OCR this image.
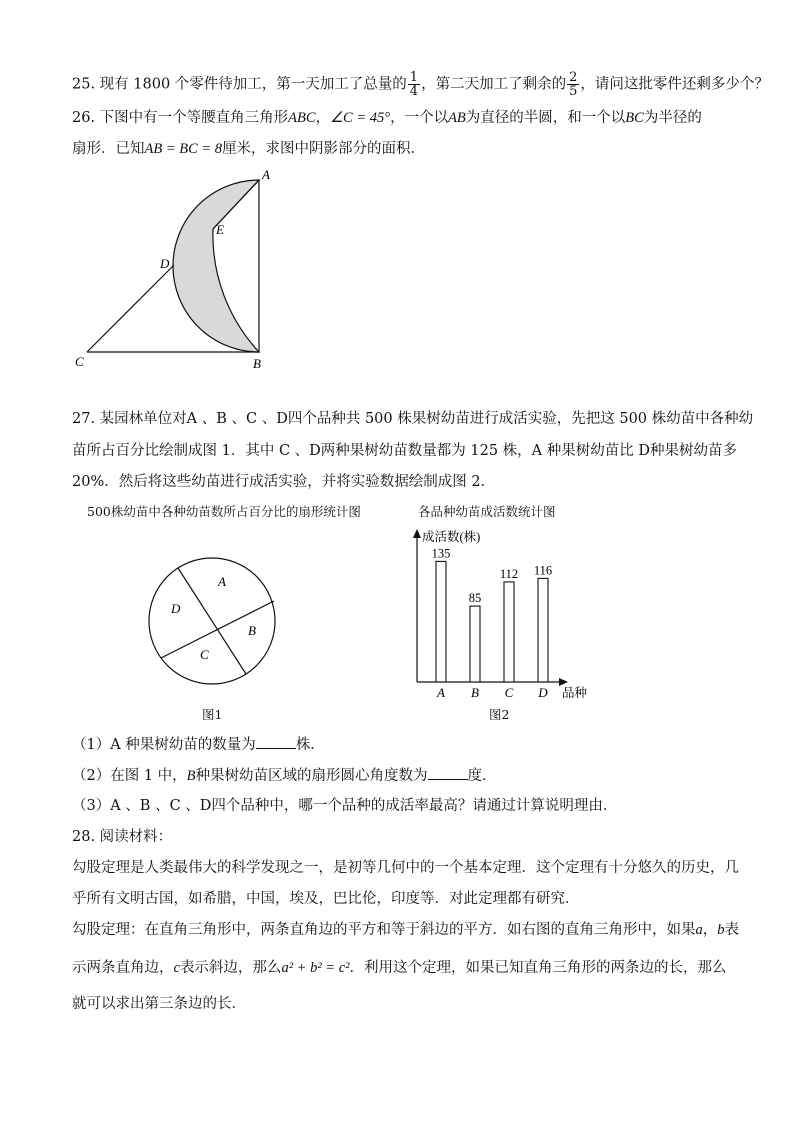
25. 现有 1800 个零件待加工，第一天加工了总量的 $\frac{1}{4}$ ，第二天加工了剩余的 $\frac{2}{5}$ ，请问这批零件还剩多少个？
26. 下图中有一个等腰直角三角形ABC，∠C = 45°，一个以AB为直径的半圆，和一个以BC为半径的
扇形．已知AB = BC = 8厘米，求图中阴影部分的面积．
A
E
D
C	B
27. 某园林单位对A 、B 、C 、D四个品种共 500 株果树幼苗进行成活实验，先把这 500 株幼苗中各种幼
苗所占百分比绘制成图 1．其中 C 、D两种果树幼苗数量都为 125 株，A 种果树幼苗比 D种果树幼苗多
20%．然后将这些幼苗进行成活实验，并将实验数据绘制成图 2．
500株幼苗中各种幼苗数所占百分比的扇形统计图	各品种幼苗成活数统计图
A
B
C
D
图1
成活数(株)
品种
135
A
85
B
112
C
116
D
图2
（1）A 种果树幼苗的数量为	株．
（2）在图 1 中，B种果树幼苗区域的扇形圆心角度数为	度．
（3）A 、B 、C 、D四个品种中，哪一个品种的成活率最高？请通过计算说明理由．
28. 阅读材料：
勾股定理是人类最伟大的科学发现之一，是初等几何中的一个基本定理．这个定理有十分悠久的历史，几
乎所有文明古国，如希腊，中国，埃及，巴比伦，印度等．对此定理都有研究．
勾股定理：在直角三角形中，两条直角边的平方和等于斜边的平方．如右图的直角三角形中，如果a，b表
示两条直角边，c表示斜边，那么a² + b² = c²．利用这个定理，如果已知直角三角形的两条边的长，那么
就可以求出第三条边的长．
